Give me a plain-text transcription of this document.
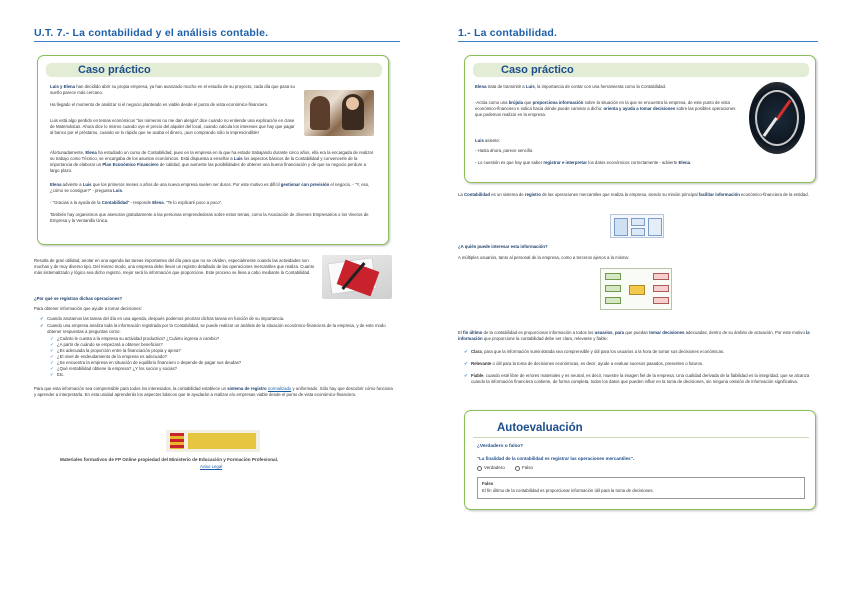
U.T. 7.- La contabilidad y el análisis contable.
Caso práctico
Luis y Elena han decidido abrir su propia empresa, ya han avanzado mucho en el estudio de su proyecto, cada día que pasa su sueño parece más cercano.
Ha llegado el momento de analizar si el negocio planteado es viable desde el punto de vista económico-financiero.
Luis está algo perdido en temas económicos "los números no me dan alergia" dice cuando no entiende una explicación en clase de Matemáticas. Ahora dice lo mismo cuando oye el precio del alquiler del local, cuando calcula los intereses que hay que pagar al banco por el préstamo, cuando ve lo rápido que se acaba el dinero, ¡aun comprando sólo lo imprescindible!
Afortunadamente, Elena ha estudiado un curso de Contabilidad, pues en la empresa en la que ha estado trabajando durante cinco años, ella era la encargada de realizar su trabajo como Técnico, se encargaba de los asuntos económicos. Está dispuesta a enseñar a Luis los aspectos básicos de la Contabilidad y convencerle de la importancia de elaborar un Plan Económico Financiero de calidad, que aumente las posibilidades de obtener una buena financiación y de que su negocio perdure a largo plazo.
Elena advierte a Luis que los primeros meses o años de una nueva empresa suelen ser duros. Por este motivo es difícil gestionar con previsión el negocio. - "Y, eso, ¿cómo se consigue?" - pregunta Luis.
- "Gracias a la ayuda de la Contabilidad" - responde Elena. "Te lo explicaré poco a poco".
También hay organismos que asesoran gratuitamente a las personas emprendedoras sobre estos temas, como la Asociación de Jóvenes Empresarios o los Viveros de Empresa y la Ventanilla Única.
Resulta de gran utilidad, anotar en una agenda las tareas importantes del día para que no se olviden, especialmente cuando las actividades son muchas y de muy diverso tipo. Del mismo modo, una empresa debe llevar un registro detallado de las operaciones mercantiles que realiza. Cuanto más sistematizado y lógico sea dicho registro, mejor será la información que proporcione. Este proceso se lleva a cabo mediante la Contabilidad.
¿Por qué se registran dichas operaciones?
Para obtener información que ayude a tomar decisiones:
✔ Cuando anotamos las tareas del día en una agenda, después podemos priorizar dichas tareas en función de su importancia.
✔ Cuando una empresa analiza toda la información registrada por la Contabilidad, se puede realizar un análisis de la situación económico-financiera de la empresa, y de este modo obtener respuestas a preguntas como:
✔ ¿Cuánto le cuesta a la empresa su actividad productiva? ¿Cuánto ingresa a cambio?
✔ ¿A partir de cuándo se empezará a obtener beneficios?
✔ ¿Es adecuada la proporción entre la financiación propia y ajena?
✔ ¿El nivel de endeudamiento de la empresa es adecuado?
✔ ¿Se encuentra la empresa en situación de equilibrio financiero o depende de pagar sus deudas?
✔ ¿Qué rentabilidad obtiene la empresa? ¿Y los socios y socias?
✔ Etc.
Para que esta información sea comprensible para todos los interesados, la contabilidad establece un sistema de registro normalizado y uniformado. Sólo hay que descubrir cómo funciona y aprender a interpretarla. En esta unidad aprenderás los aspectos básicos que te ayudarán a realizar e/u empresas viable desde el punto de vista económico-financiero.
Materiales formativos de FP Online propiedad del Ministerio de Educación y Formación Profesional.
Aviso Legal
1.- La contabilidad.
Caso práctico
Elena trata de transmitir a Luis, la importancia de contar con una herramienta como la Contabilidad.
-Actúa como una brújula que proporciona información sobre la situación en la que se encuentra la empresa, de este punto de vista económico-financiero e indica hacia dónde puede caminar a dicho: orienta y ayuda a tomar decisiones sobre las posibles operaciones que podemos realizar en la empresa.
Luis asiente:
- Hasta ahora, parece sencillo.
- Lo cuestión es que hay que saber registrar e interpretar los datos económicos correctamente - advierte Elena.
La Contabilidad es un sistema de registro de las operaciones mercantiles que realiza la empresa, siendo su misión principal facilitar información económico-financiera de la entidad.
¿A quién puede interesar esta información?
A múltiples usuarios, tanto al personal de la empresa, como a terceros ajenos a la misma:
El fin último de la contabilidad es proporcionar información a todos los usuarios, para que puedan tomar decisiones adecuadas, dentro de su ámbito de actuación. Por este motivo la información que proporcione la contabilidad debe ser clara, relevante y fiable:
✔ Clara, para que la información suministrada sea comprensible y útil para los usuarios a la hora de tomar sus decisiones económicas.
✔ Relevante o útil para la toma de decisiones económicas, es decir, ayude a evaluar sucesos pasados, presentes o futuros.
✔ Fiable, cuando esté libre de errores materiales y es neutral, es decir, muestre la imagen fiel de la empresa. Una cualidad derivada de la fiabilidad es la integridad, que se alcanza cuando la información financiera contiene, de forma completa, todos los datos que pueden influir en la toma de decisiones, sin ninguna omisión de información significativa.
Autoevaluación
¿Verdadero o falso?
"La finalidad de la contabilidad es registrar las operaciones mercantiles".
Verdadero	Falso
Falso
El fin último de la contabilidad es proporcionar información útil para la toma de decisiones.
